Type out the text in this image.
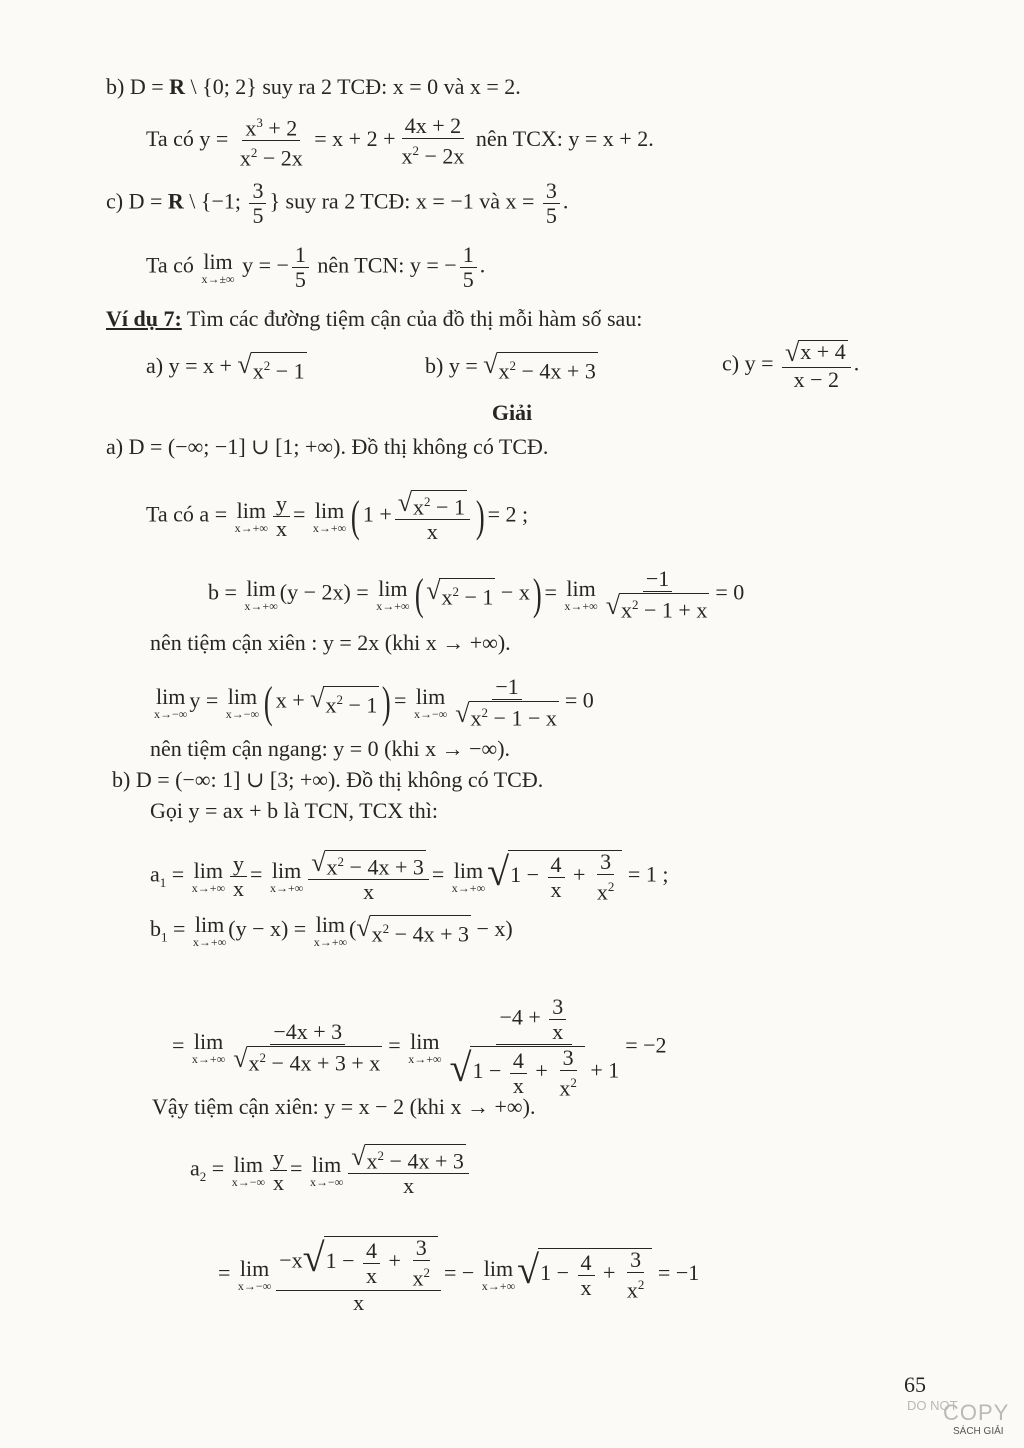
b) D = R \ {0; 2} suy ra 2 TCĐ: x = 0 và x = 2.
Ta có $y = \frac{x^3 + 2}{x^2 - 2x} = x + 2 + \frac{4x + 2}{x^2 - 2x}$ nên TCX: y = x + 2.
c) D = R \ {−1; $\frac{3}{5}$ } suy ra 2 TCĐ: x = −1 và $x = \frac{3}{5}$ .
Ta có lim
x→±∞
y = − $\frac{1}{5}$ nên TCN: y = − $\frac{1}{5}$ .
Ví dụ 7: Tìm các đường tiệm cận của đồ thị mỗi hàm số sau:
a) y = x + √ $x^2 - 1$	b) y = √ $x^2 - 4x + 3$	c) $y = \frac{√ x + 4}{x - 2}$ .
Giải
a) D = (−∞; −1] ∪ [1; +∞). Đồ thị không có TCĐ.
Ta có a = lim
$x\to+\infty \frac{y}{x} = \lim$
x→+∞ ( $1 + \frac{√ x^2 - 1}{x}$ ) = 2 ;
b = lim
x→+∞
(y − 2x) = lim
x→+∞ ( √ $x^2 - 1 - x) = \lim$
$x\to+\infty \frac{-1}{√ x^2 - 1 + x} = 0$
nên tiệm cận xiên : y = 2x (khi x → +∞).
lim
x→−∞
y = lim
x→−∞ ( x + √ $x^2 - 1$ ) = lim
$x\to-\infty \frac{-1}{√ x^2 - 1 - x} = 0$
nên tiệm cận ngang: y = 0 (khi x → −∞).
b) D = (−∞: 1] ∪ [3; +∞). Đồ thị không có TCĐ.
Gọi y = ax + b là TCN, TCX thì:
$a_1 = \lim$
$x\to+\infty \frac{y}{x} = \lim$
$x\to+\infty \frac{√ x^2 - 4x + 3}{x} = \lim$
x→+∞ √ $1 - \frac{4}{x} + \frac{3}{x^2} = 1$ ;
$b_1 = \lim$
x→+∞
(y − x) = lim
x→+∞
( √ $x^2 - 4x + 3 - x$)
= lim
$x\to+\infty \frac{-4x + 3}{√ x^2 - 4x + 3 + x} = \lim$
$x\to+\infty \frac{-4 + \frac{3}{x}}{√ 1 - \frac{4}{x} + \frac{3}{x^2} + 1} = -2$
Vậy tiệm cận xiên: y = x − 2 (khi x → +∞).
$a_2 = \lim$
$x\to-\infty \frac{y}{x} = \lim$
$x\to-\infty \frac{√ x^2 - 4x + 3}{x}$
= lim
$x\to-\infty \frac{-x √ 1 - \frac{4}{x} + \frac{3}{x^2}}{x}$ = − lim
x→+∞ √ $1 - \frac{4}{x} + \frac{3}{x^2} = -1$
65
DO NOT
COPY
SÁCH GIẢI
